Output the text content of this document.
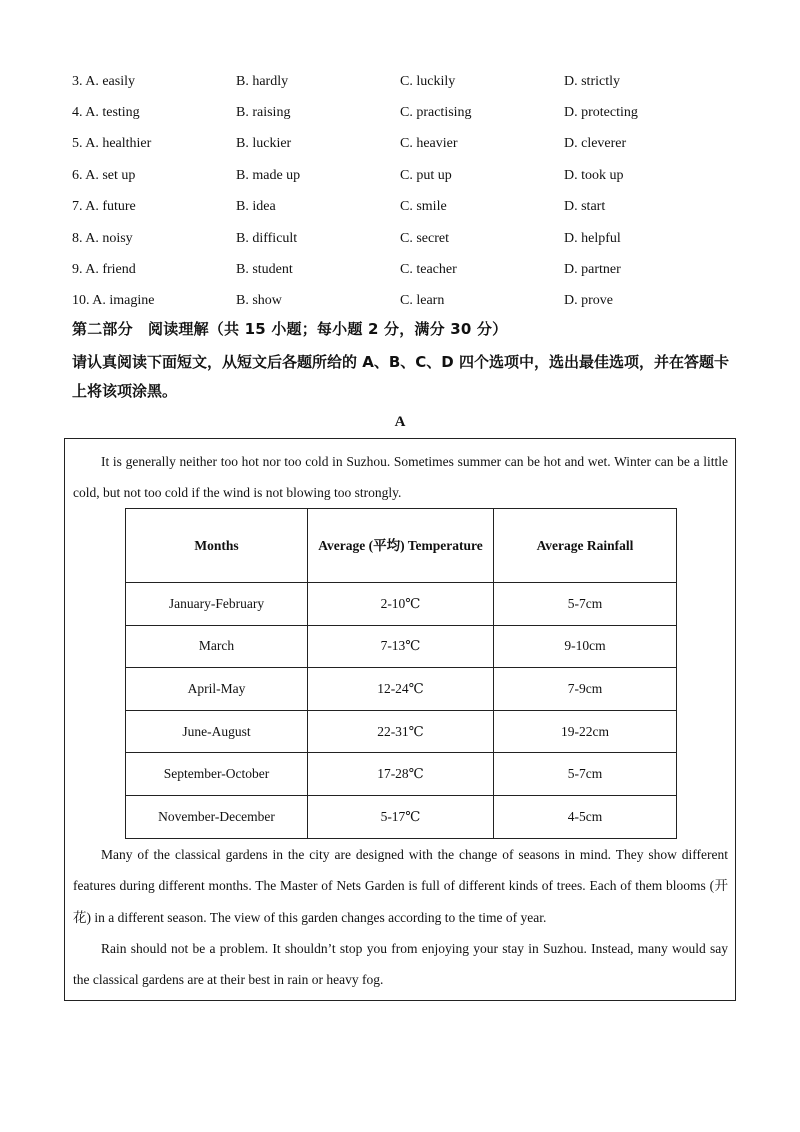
3. A. easily	B. hardly	C. luckily	D. strictly
4. A. testing	B. raising	C. practising	D. protecting
5. A. healthier	B. luckier	C. heavier	D. cleverer
6. A. set up	B. made up	C. put up	D. took up
7. A. future	B. idea	C. smile	D. start
8. A. noisy	B. difficult	C. secret	D. helpful
9. A. friend	B. student	C. teacher	D. partner
10. A. imagine	B. show	C. learn	D. prove
第二部分　阅读理解（共 15 小题；每小题 2 分，满分 30 分）
请认真阅读下面短文，从短文后各题所给的 A、B、C、D 四个选项中，选出最佳选项，并在答题卡上将该项涂黑。
A
It is generally neither too hot nor too cold in Suzhou. Sometimes summer can be hot and wet. Winter can be a little cold, but not too cold if the wind is not blowing too strongly.
Months	Average (平均) Temperature	Average Rainfall
January-February	2-10℃	5-7cm
March	7-13℃	9-10cm
April-May	12-24℃	7-9cm
June-August	22-31℃	19-22cm
September-October	17-28℃	5-7cm
November-December	5-17℃	4-5cm
Many of the classical gardens in the city are designed with the change of seasons in mind. They show different features during different months. The Master of Nets Garden is full of different kinds of trees. Each of them blooms (开花) in a different season. The view of this garden changes according to the time of year.
Rain should not be a problem. It shouldn’t stop you from enjoying your stay in Suzhou. Instead, many would say the classical gardens are at their best in rain or heavy fog.
